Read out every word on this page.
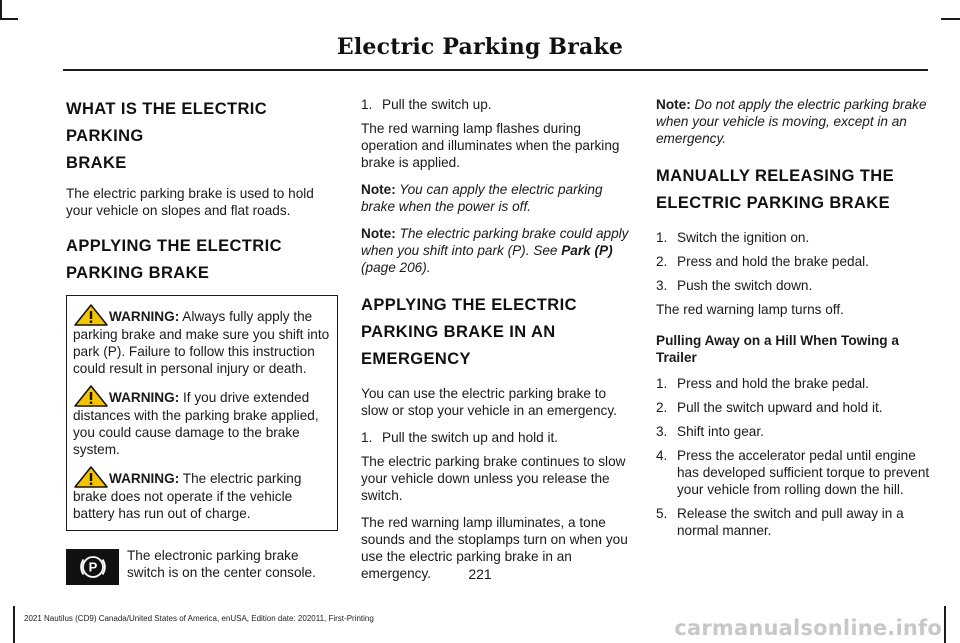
Electric Parking Brake
WHAT IS THE ELECTRIC PARKING
BRAKE

The electric parking brake is used to hold your vehicle on slopes and flat roads.

APPLYING THE ELECTRIC
PARKING BRAKE
WARNING: Always fully apply the parking brake and make sure you shift into park (P). Failure to follow this instruction could result in personal injury or death.
WARNING: If you drive extended distances with the parking brake applied, you could cause damage to the brake system.
WARNING: The electric parking brake does not operate if the vehicle battery has run out of charge.
P
The electronic parking brake switch is on the center console.
1. Pull the switch up.

The red warning lamp flashes during operation and illuminates when the parking brake is applied.

Note: You can apply the electric parking brake when the power is off.

Note: The electric parking brake could apply when you shift into park (P). See Park (P) (page 206).

APPLYING THE ELECTRIC
PARKING BRAKE IN AN
EMERGENCY

You can use the electric parking brake to slow or stop your vehicle in an emergency.

1. Pull the switch up and hold it.

The electric parking brake continues to slow your vehicle down unless you release the switch.

The red warning lamp illuminates, a tone sounds and the stoplamps turn on when you use the electric parking brake in an emergency.

Note: Do not apply the electric parking brake when your vehicle is moving, except in an emergency.

MANUALLY RELEASING THE
ELECTRIC PARKING BRAKE
1. Switch the ignition on.
2. Press and hold the brake pedal.
3. Push the switch down.

The red warning lamp turns off.

Pulling Away on a Hill When Towing a Trailer
1. Press and hold the brake pedal.
2. Pull the switch upward and hold it.
3. Shift into gear.
4. Press the accelerator pedal until engine has developed sufficient torque to prevent your vehicle from rolling down the hill.
5. Release the switch and pull away in a normal manner.
221
2021 Nautilus (CD9) Canada/United States of America, enUSA, Edition date: 202011, First-Printing	carmanualsonline.info
